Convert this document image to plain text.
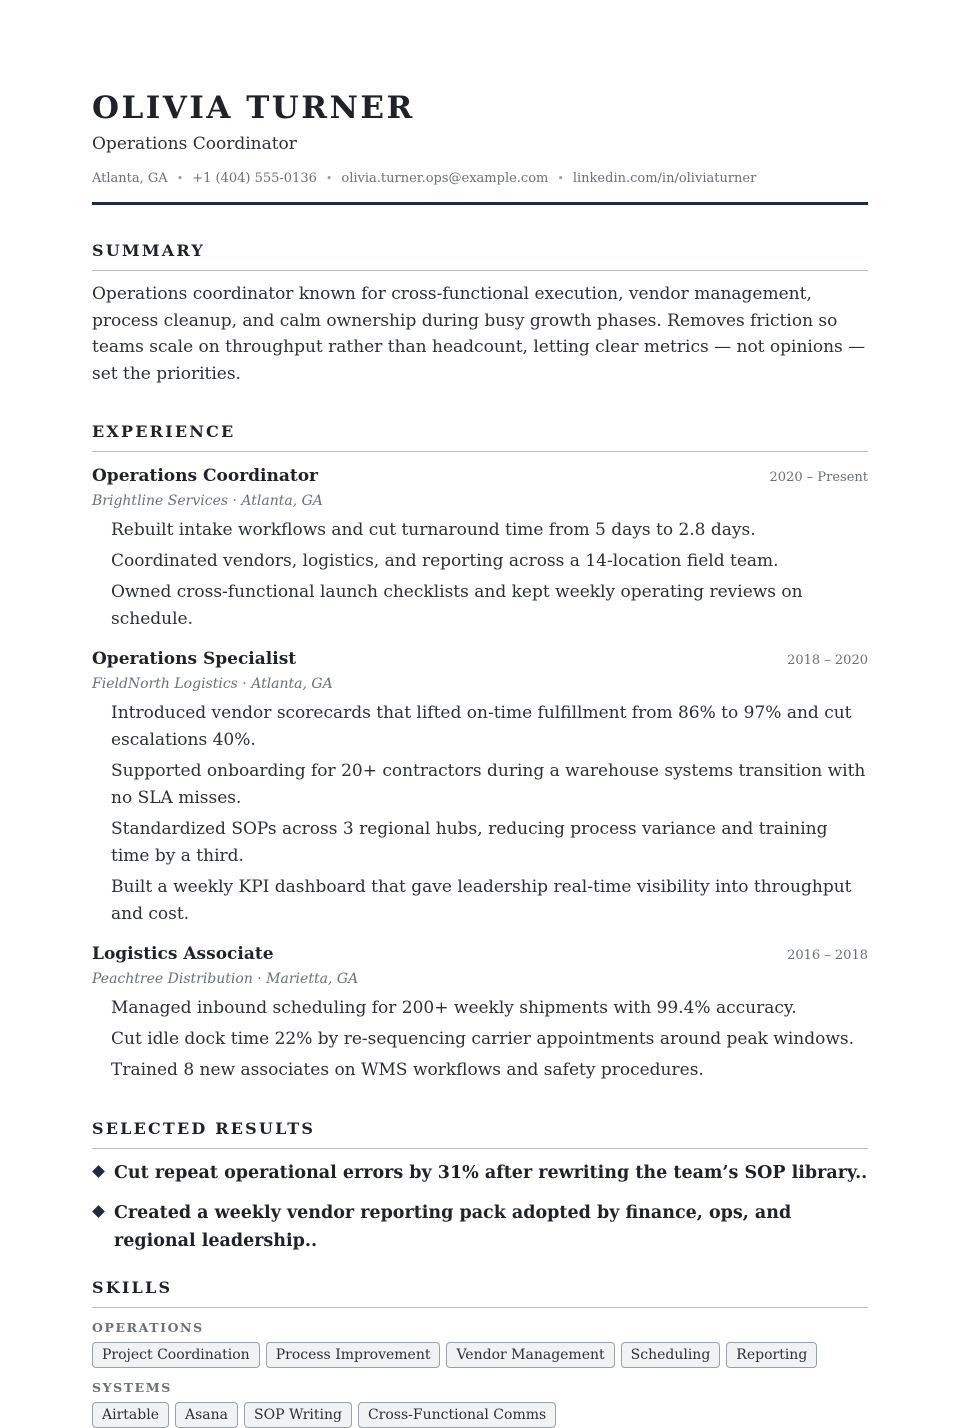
OLIVIA TURNER
Operations Coordinator
Atlanta, GA • +1 (404) 555-0136 • olivia.turner.ops@example.com • linkedin.com/in/oliviaturner
SUMMARY
Operations coordinator known for cross-functional execution, vendor management, process cleanup, and calm ownership during busy growth phases. Removes friction so teams scale on throughput rather than headcount, letting clear metrics — not opinions — set the priorities.
EXPERIENCE
Operations Coordinator	2020 – Present
Brightline Services · Atlanta, GA
Rebuilt intake workflows and cut turnaround time from 5 days to 2.8 days.
Coordinated vendors, logistics, and reporting across a 14-location field team.
Owned cross-functional launch checklists and kept weekly operating reviews on schedule.
Operations Specialist	2018 – 2020
FieldNorth Logistics · Atlanta, GA
Introduced vendor scorecards that lifted on-time fulfillment from 86% to 97% and cut escalations 40%.
Supported onboarding for 20+ contractors during a warehouse systems transition with no SLA misses.
Standardized SOPs across 3 regional hubs, reducing process variance and training time by a third.
Built a weekly KPI dashboard that gave leadership real-time visibility into throughput and cost.
Logistics Associate	2016 – 2018
Peachtree Distribution · Marietta, GA
Managed inbound scheduling for 200+ weekly shipments with 99.4% accuracy.
Cut idle dock time 22% by re-sequencing carrier appointments around peak windows.
Trained 8 new associates on WMS workflows and safety procedures.
SELECTED RESULTS
Cut repeat operational errors by 31% after rewriting the team’s SOP library..
Created a weekly vendor reporting pack adopted by finance, ops, and regional leadership..
SKILLS
OPERATIONS
Project Coordination	Process Improvement	Vendor Management	Scheduling	Reporting
SYSTEMS
Airtable	Asana	SOP Writing	Cross-Functional Comms
